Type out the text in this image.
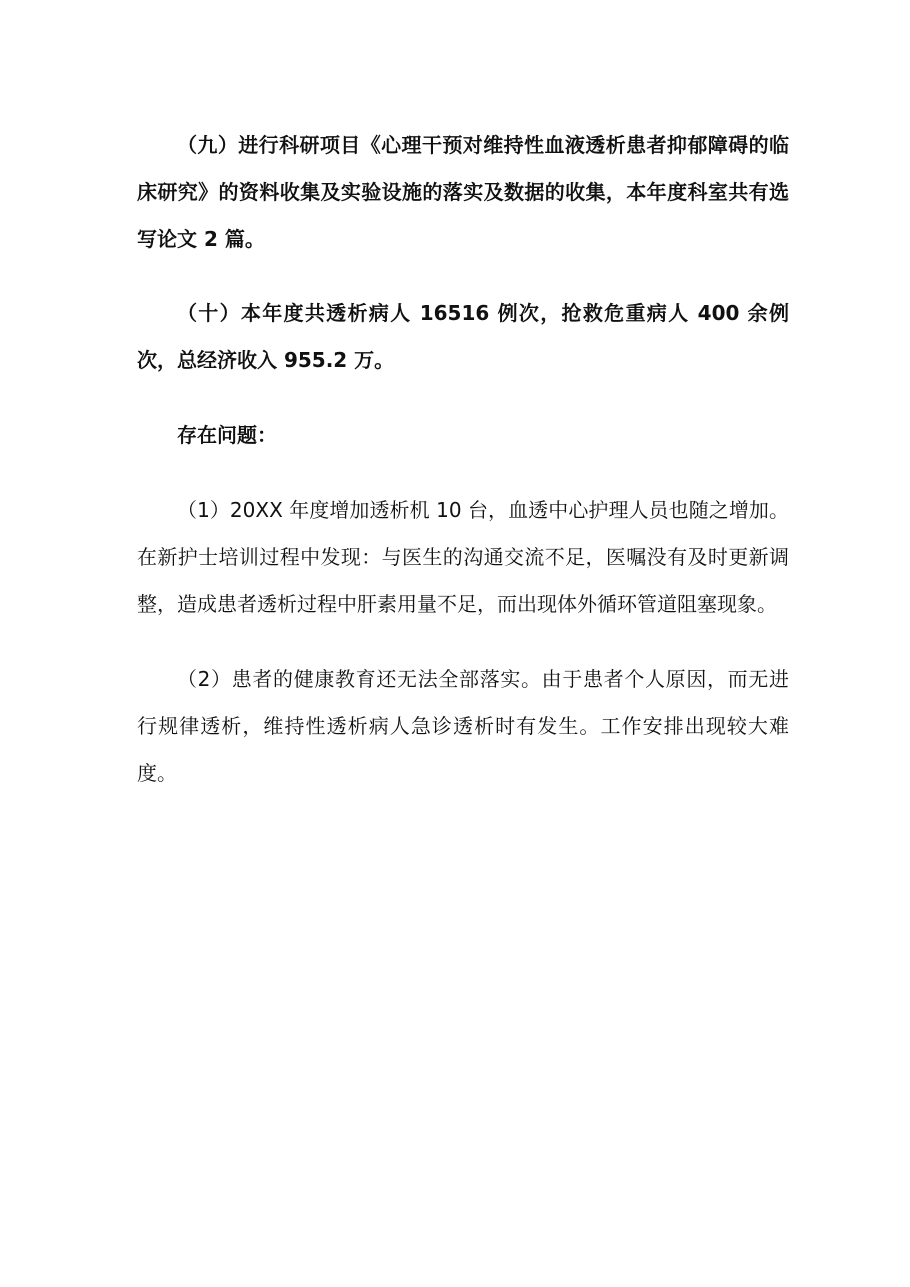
（九）进行科研项目《心理干预对维持性血液透析患者抑郁障碍的临床研究》的资料收集及实验设施的落实及数据的收集，本年度科室共有选写论文 2 篇。

（十）本年度共透析病人 16516 例次，抢救危重病人 400 余例次，总经济收入 955.2 万。

存在问题：

（1）20XX 年度增加透析机 10 台，血透中心护理人员也随之增加。在新护士培训过程中发现：与医生的沟通交流不足，医嘱没有及时更新调整，造成患者透析过程中肝素用量不足，而出现体外循环管道阻塞现象。

（2）患者的健康教育还无法全部落实。由于患者个人原因，而无进行规律透析，维持性透析病人急诊透析时有发生。工作安排出现较大难度。
